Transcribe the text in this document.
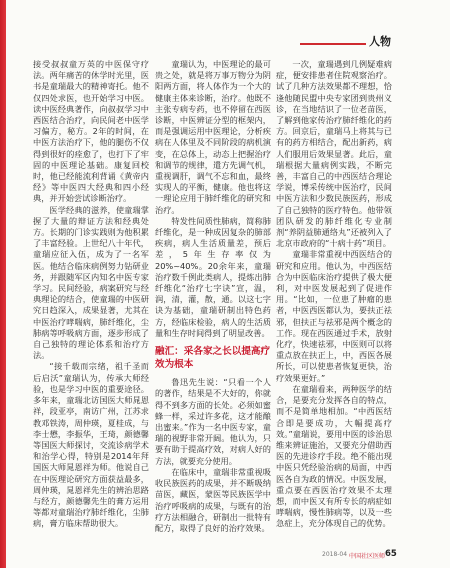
人物

接受叔叔童万英的中医保守疗法。两年痛苦的休学时光里，医书是童瑞最大的精神寄托。他不仅四处求医，也开始学习中医。读中医经典著作，向叔叔学习中西医结合治疗，向民间老中医学习偏方，秘方。2年的时间，在中医方法治疗下，他的腿伤不仅得到很好的痊愈了，也打下了牢固的中医理论基础。康复回校时，他已经能流利背诵《黄帝内经》等中医四大经典和四小经典，并开始尝试诊断治疗。

医学经典的滋养，使童瑞掌握了大量的辩证方法和经典处方。长期的门诊实践则为他积累了丰富经验。上世纪八十年代，童瑞应征入伍，成为了一名军医。他结合临床病例努力钻研业务，并跟随军区内知名中医专家学习。民间经验，病案研究与经典理论的结合，使童瑞的中医研究日趋深入，成果显著，尤其在中医治疗哮喘病，肺纤维化，尘肺病等呼吸病方面，逐步形成了自己独特的理论体系和治疗方法。

“接千载而宗绪，祖千圣而后启沃”童瑞认为，传承大师经验，也是学习中医的重要途径。多年来，童瑞北访国医大师晁恩祥，段亚亭，南访广州，江苏求教邓铁涛，周仲瑛，夏桂成，与李士懋，李振华，王琦，颜德馨等国医大师探讨，交流诊病学术和治学心得，特别是2014年拜国医大师晁恩祥为师。他说自己在中医理论研究方面获益最多，周仲瑛，晁恩祥先生的辨治思路与经方，颜德馨先生的膏方运用等都对童瑞治疗肺纤维化，尘肺病，膏方临床帮助很大。

童瑞认为，中医理论的最可贵之处，就是将万事万物分为阴阳两方面，将人体作为一个大的健康主体来诊断，治疗。他既不主张专病专药，也不停留在西医诊断，中医辨证分型的框架内，而是强调运用中医理论，分析疾病在人体里及不同阶段的病机演变，在总体上，动态上把握治疗和调节的规律，遣方先调气机，重视调肝，调气不忘和血，最终实现人的平衡，健康。他也将这一理论应用于肺纤维化的研究和治疗。

特发性间质性肺病，简称肺纤维化，是一种成因复杂的肺部疾病，病人生活质量差，预后差，5年生存率仅为20%~40%。20余年来，童瑞治疗数千例此类病人，提炼出肺纤维化“治疗七字诀”宣，温，润，清，灌，散，通。以这七字诀为基础，童瑞研制出特色药方，经临床检验，病人的生活质量和生存时间得到了明显改善。

融汇：采各家之长以提高疗效为根本

鲁迅先生说：“只看一个人的著作，结果是不大好的，你就得不到多方面的长处。必须如蜜蜂一样，采过许多花，这才能酿出蜜来。”作为一名中医专家，童瑞的视野非常开阔。他认为，只要有助于提高疗效，对病人好的方法，就要充分使用。

在临床中，童瑞非常重视吸收民族医药的成果，并不断吸纳苗医，藏医，蒙医等民族医学中治疗呼吸病的成果，与既有的治疗方法相融合，研制出一批特有配方，取得了良好的治疗效果。

一次，童瑞遇到几例疑难病症，便安排患者住院观察治疗。试了几种方法效果都不理想，恰逢他随民盟中央专家团到贵州义诊，在当地结识了一位老苗医，了解到他家传治疗肺纤维化的药方。回京后，童瑞马上将其与已有的药方相结合，配出新药，病人们服用后效果显著。此后，童瑞根据大量病例实践，不断完善，丰富自己的中西医结合理论学说，博采传统中医治疗，民间中医方法和少数民族医药，形成了自己独特的医疗特色。他带领团队研发的肺纤维化专业制剂“养阴益肺通络丸”还被列入了北京市政府的“十病十药”项目。

童瑞非常重视中西医结合的研究和应用。他认为，中西医结合为中医临床治疗提供了极大便利，对中医发展起到了促进作用。“比如，一位患了肿瘤的患者，中医西医都认为，要扶正祛邪，但扶正与祛邪是两个概念的工作。现在西医通过手术，放射化疗，快速祛邪，中医则可以将重点放在扶正上，中，西医各展所长，可以使患者恢复更快，治疗效果更好。”

在童瑞看来，两种医学的结合，是要充分发挥各自的特点，而不是简单地相加。“中西医结合即是要成功，大幅提高疗效。”童瑞说，要用中医的诊治思维来辨证施治，又要充分借助西医的先进诊疗手段。绝不能出现中医只凭经验治病的局面，中西医各自为政的情况。中医发展，重点要在西医治疗效果不太理想，而中医又有所专长的病症如哮喘病，慢性肺病等，以及一些急症上，充分体现自己的优势。

2018-04 中国社区医师 65
